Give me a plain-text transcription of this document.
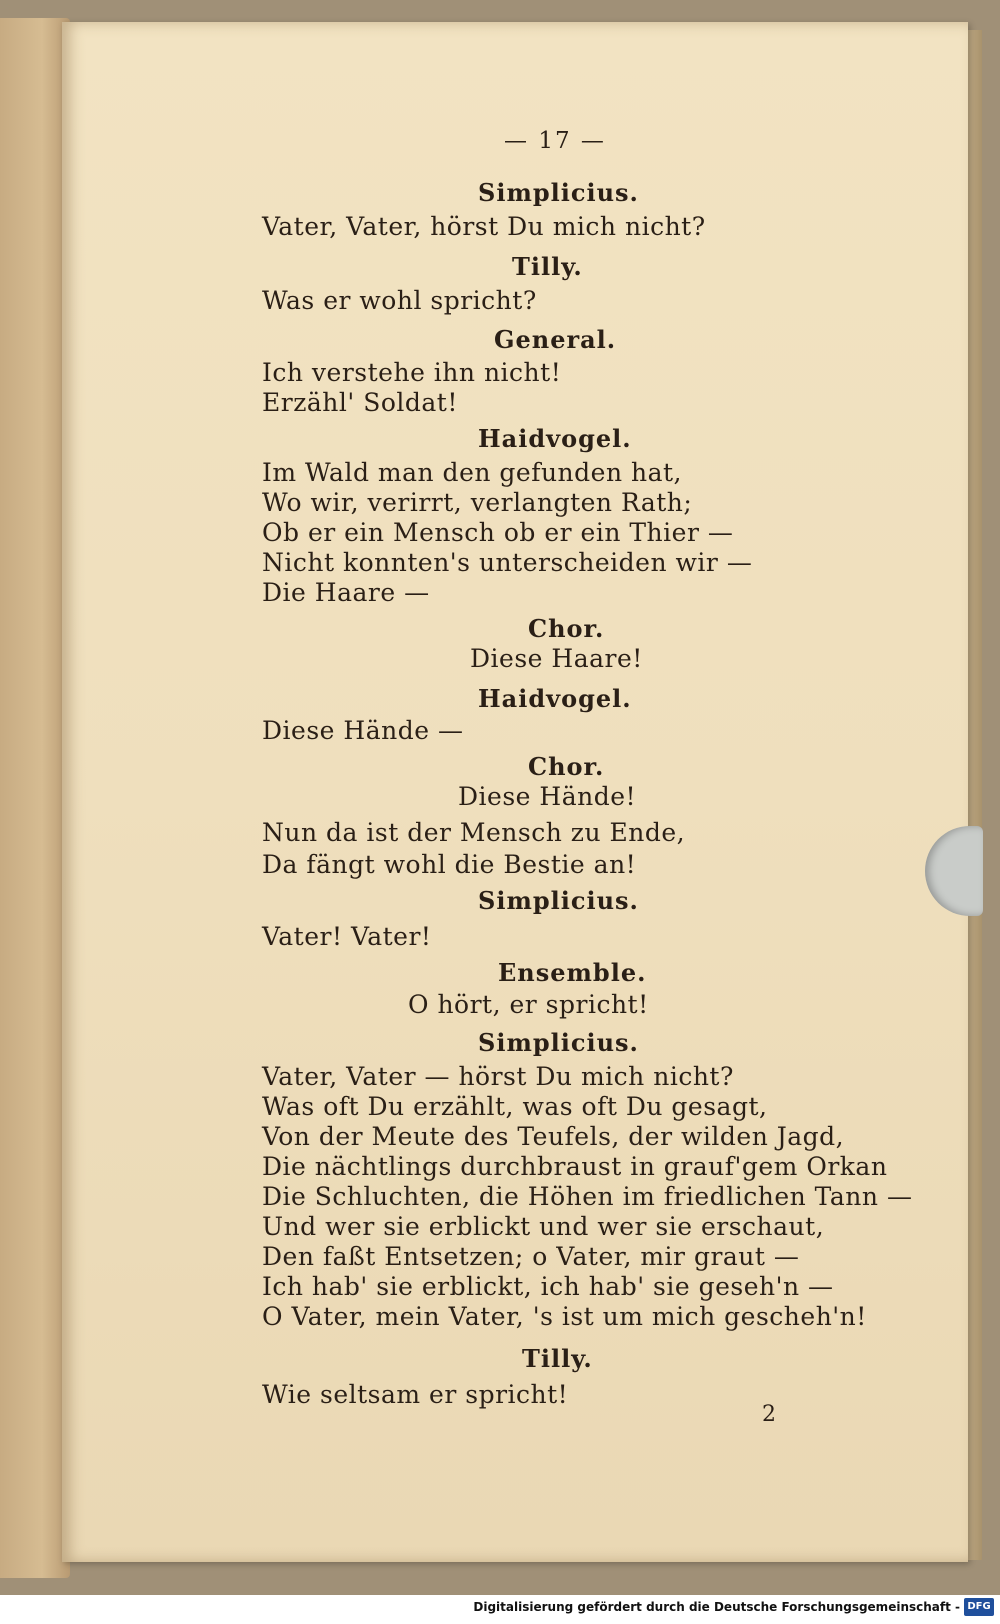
— 17 —
Simplicius.
Vater, Vater, hörst Du mich nicht?
Tilly.
Was er wohl spricht?
General.
Ich verstehe ihn nicht!
Erzähl' Soldat!
Haidvogel.
Im Wald man den gefunden hat,
Wo wir, verirrt, verlangten Rath;
Ob er ein Mensch ob er ein Thier —
Nicht konnten's unterscheiden wir —
Die Haare —
Chor.
Diese Haare!
Haidvogel.
Diese Hände —
Chor.
Diese Hände!
Nun da ist der Mensch zu Ende,
Da fängt wohl die Bestie an!
Simplicius.
Vater! Vater!
Ensemble.
O hört, er spricht!
Simplicius.
Vater, Vater — hörst Du mich nicht?
Was oft Du erzählt, was oft Du gesagt,
Von der Meute des Teufels, der wilden Jagd,
Die nächtlings durchbraust in grauf'gem Orkan
Die Schluchten, die Höhen im friedlichen Tann —
Und wer sie erblickt und wer sie erschaut,
Den faßt Entsetzen; o Vater, mir graut —
Ich hab' sie erblickt, ich hab' sie geseh'n —
O Vater, mein Vater, 's ist um mich gescheh'n!
Tilly.
Wie seltsam er spricht!
2
Digitalisierung gefördert durch die Deutsche Forschungsgemeinschaft - DFG
